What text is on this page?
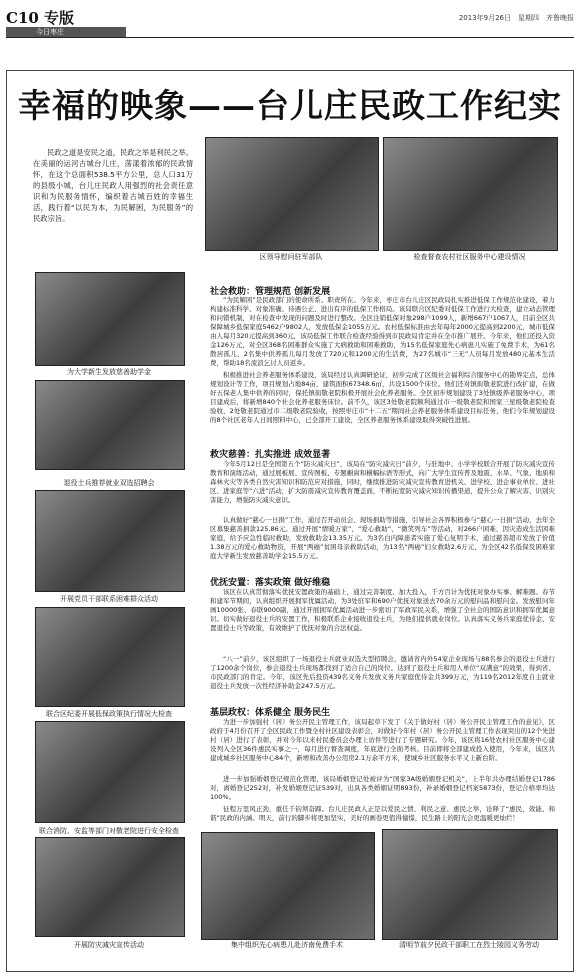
C10 专版
今日枣庄
2013年9月26日　星期四　齐鲁晚报
幸福的映象——台儿庄民政工作纪实
民政之道是安民之道，民政之举是利民之举。在美丽的运河古城台儿庄，荡漾着浓郁的民政情怀，在这个总面积538.5平方公里，总人口31万的县级小城，台儿庄民政人用强烈的社会责任意识和为民服务情怀，编织着古城百姓的幸福生活，践行着“以民为本，为民解困，为民服务”的民政宗旨。
区领导慰问驻军部队	检查督查农村社区服务中心建设情况
为大学新生发放慈善助学金
退役士兵推荐就业双选招聘会
开展党员干部联系困难群众活动
联合区纪委开展低保政策执行情况大检查
联合消防、安监等部门对敬老院进行安全检查
开展防灾减灾宣传活动	集中组织先心病患儿赴济南免费手术	清明节前夕民政干部职工在烈士陵园义务劳动
社会救助：管理规范 创新发展
“为民解困”是民政部门的使命所系、职责所在。今年来，枣庄市台儿庄区民政局扎实推进低保工作规范化建设，着力构建标准科学、对象准确、待遇公正、进出有序的低保工作格局。该局联合区纪委对低保工作进行大检查，建立动态管理和问错机制，对在检查中发现的问题及时进行整改。全区注销低保对象298户1099人，新增667户1067人，目前全区共保障城乡低保家庭5462户9802人，发放低保金1055万元。农村低保标准由去年每年2000元提高到2200元，城市低保由人每月320元提高到360元，该局低保工作联合检查经验得到市民政局肯定并在全市推广展开。今年来，他们还投入资金126万元，对全区368名困难群众实施了大病救助和困难救助，为15名低保家庭先心病患儿实施了免费手术，为61名散居孤儿、2名集中供养孤儿每月发放了720元和1200元的生活费，为27名城市“三无”人员每月发放480元基本生活费，帮助18名流浪乞讨人员返乡。
积极推进社会养老服务体系建设，该局经过认真调研论证，初步完成了区级社会福利综合服务中心的勘界定点，总体规划设计等工作，项目规划占地84亩，建筑面积67348.6㎡，共设1500个床位。他们还对镇街敬老院进行改扩建，在做好五保老人集中供养的同时，保托镇街敬老院积极开展社会化养老服务。全区初步规划建设了3处镇级养老服务中心，项目建成后，将新增840个社会化养老服务床位。前不久，该区3处敬老院顺利通过市一级敬老院和国家三星级敬老院检查验收，2处敬老院通过市二级敬老院验收，按照枣庄市“十二五”期间社会养老服务体系建设目标任务，他们今年规划建设的8个社区老年人日间照料中心，已全部开工建设，全区养老服务体系建设取得突破性进展。
救灾慈善：扎实推进 成效显著
今年5月12日是全国第五个“防灾减灾日”，该局在“防灾减灾日”前夕，与驻地中、小学学校联合开展了防灾减灾宣传教育和演练活动，通过展板展、宣传图板、专题橱窗和横幅标语等形式，向广大学生宣传普及地震、水旱、气象、地质和森林火灾等各类自然灾害知识和防范应对措施，同时，继续推进防灾减灾宣传教育进机关、进学校、进企事业单位、进社区、进家庭等“六进”活动，扩大防震减灾宣传教育覆盖面，不断拓宽防灾减灾知识传播渠道，提升公众了解灾害、识别灾害能力，增强防灾减灾意识。
认真做好“慈心一日捐”工作，通过召开动员会、现场捐助等措施，引导社会各界积极参与“慈心一日捐”活动，去年全区募集慈善捐款125.86元。通过开展“情暖万家”、“爱心救助”、“微笑列车”等活动，对266户困难、因灾造成生活困难家庭，给予应急性临时救助，发放救助金13.35万元。为3名白内障患者实施了爱心复明手术，通过慈善超市发放了价值1.38万元的爱心救助物资，开展“两癌”贫困母亲救助活动，为13名“两癌”妇女救助2.6万元，为全区42名低保及困难家庭大学新生发放慈善助学金15.5万元。
优抚安置：落实政策 做好维稳
该区在认真贯彻落实优抚安置政策的基础上，通过完善制度、加大投入，千方百计为优抚对象办实事、解难题。春节和建军节期间，认真组织开展拥军优属活动，为3处驻军和690户优抚对象送去70余万元的慰问品和慰问金。发放慰问年画10000张、春联9000副，通过开展拥军优属活动进一步密切了军政军民关系，增强了全社会的国防意识和拥军优属意识。切实做好退役士兵的安置工作，积极联系企业接收退役士兵，为他们提供就业岗位。认真落实义务兵家庭优待金、安置退役士兵等政策，有效维护了优抚对象的合法权益。
“八一”前夕，该区组织了一场退役士兵就业双选大型招聘会，邀请省内外54家企业现场与88名参会的退役士兵进行了1200余个岗位，参会退役士兵现场都找到了适合自己的岗位。达到了退役士兵和用人单位“双满意”的效果，得到省、市民政部门的肯定。今年，该区先后投资439名义务兵发放义务兵家庭优待金共399万元，为119名2012年度自主就业退役士兵发放一次性经济补助金247.5万元。
基层政权：体系健全 服务民生
为进一步加强村（居）务公开民主管理工作，该局起草下发了《关于做好村（居）务公开民主管理工作的意见》，区政府于4月份召开了全区民政工作暨全村社区建设表彰会，对做好今年村（居）务公开民主管理工作表现突出的12个先进村（居）进行了表彰，并对今年以来村民委员会办理上访件等进行了专题研究。今年，该区将16处农村社区服务中心建设列入全区36件惠民实事之一，每月进行督查调度，年底进行全面考核。目前即将全部建成投入使用，今年来，该区共建成城乡社区服务中心84个，新增和改善办公用房2.1万余平方米，使城乡社区服务水平又上新台阶。
进一步加强婚姻登记规范化管理，该局婚姻登记处被评为“国家3A级婚姻登记机关”，上半年共办理结婚登记1786对，离婚登记252对，补发婚姻登记证539对，出具各类婚姻证明893份，补录婚姻登记档案5873份，登记合格率均达100%。
征程万里风正劲，重任千钧须奋蹄。台儿庄民政人正是以爱民之情、利民之意、惠民之举，诠释了“惠民、效能、和谐”民政的内涵。明天，前行的脚步将更加坚实，美好的画卷更值得憧憬，民生路上的阳光会更温暖更灿烂！
